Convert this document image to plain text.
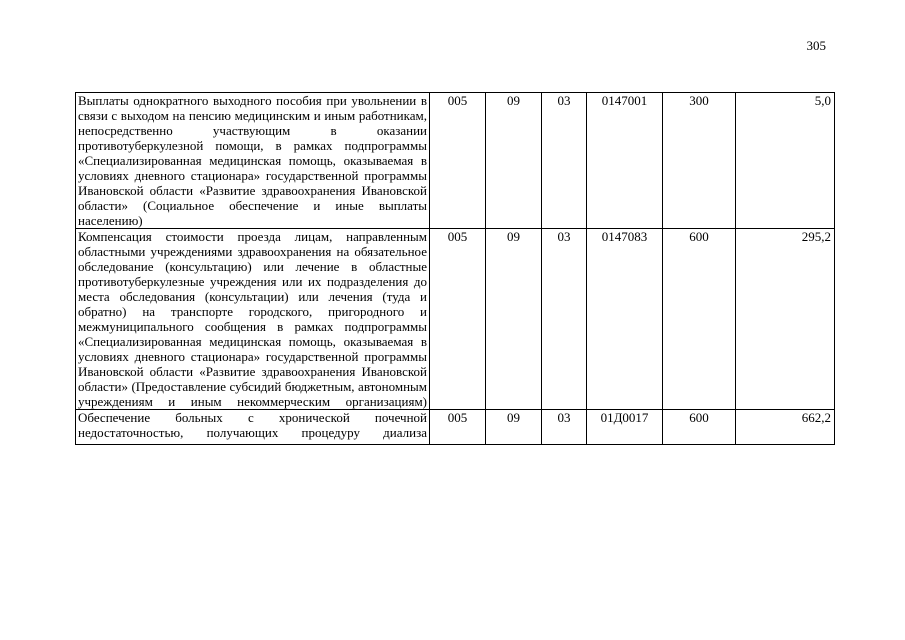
305
Выплаты однократного выходного пособия при увольнении в связи с выходом на пенсию медицинским и иным работникам, непосредственно участвующим в оказании противотуберкулезной помощи, в рамках подпрограммы «Специализированная медицинская помощь, оказываемая в условиях дневного стационара» государственной программы Ивановской области «Развитие здравоохранения Ивановской области» (Социальное обеспечение и иные выплаты населению)	005	09	03	0147001	300	5,0
Компенсация стоимости проезда лицам, направленным областными учреждениями здравоохранения на обязательное обследование (консультацию) или лечение в областные противотуберкулезные учреждения или их подразделения до места обследования (консультации) или лечения (туда и обратно) на транспорте городского, пригородного и межмуниципального сообщения в рамках подпрограммы «Специализированная медицинская помощь, оказываемая в условиях дневного стационара» государственной программы Ивановской области «Развитие здравоохранения Ивановской области» (Предоставление субсидий бюджетным, автономным учреждениям и иным некоммерческим организациям)	005	09	03	0147083	600	295,2

Обеспечение больных с хронической почечной недостаточностью, получающих процедуру диализа	005	09	03	01Д0017	600	662,2
